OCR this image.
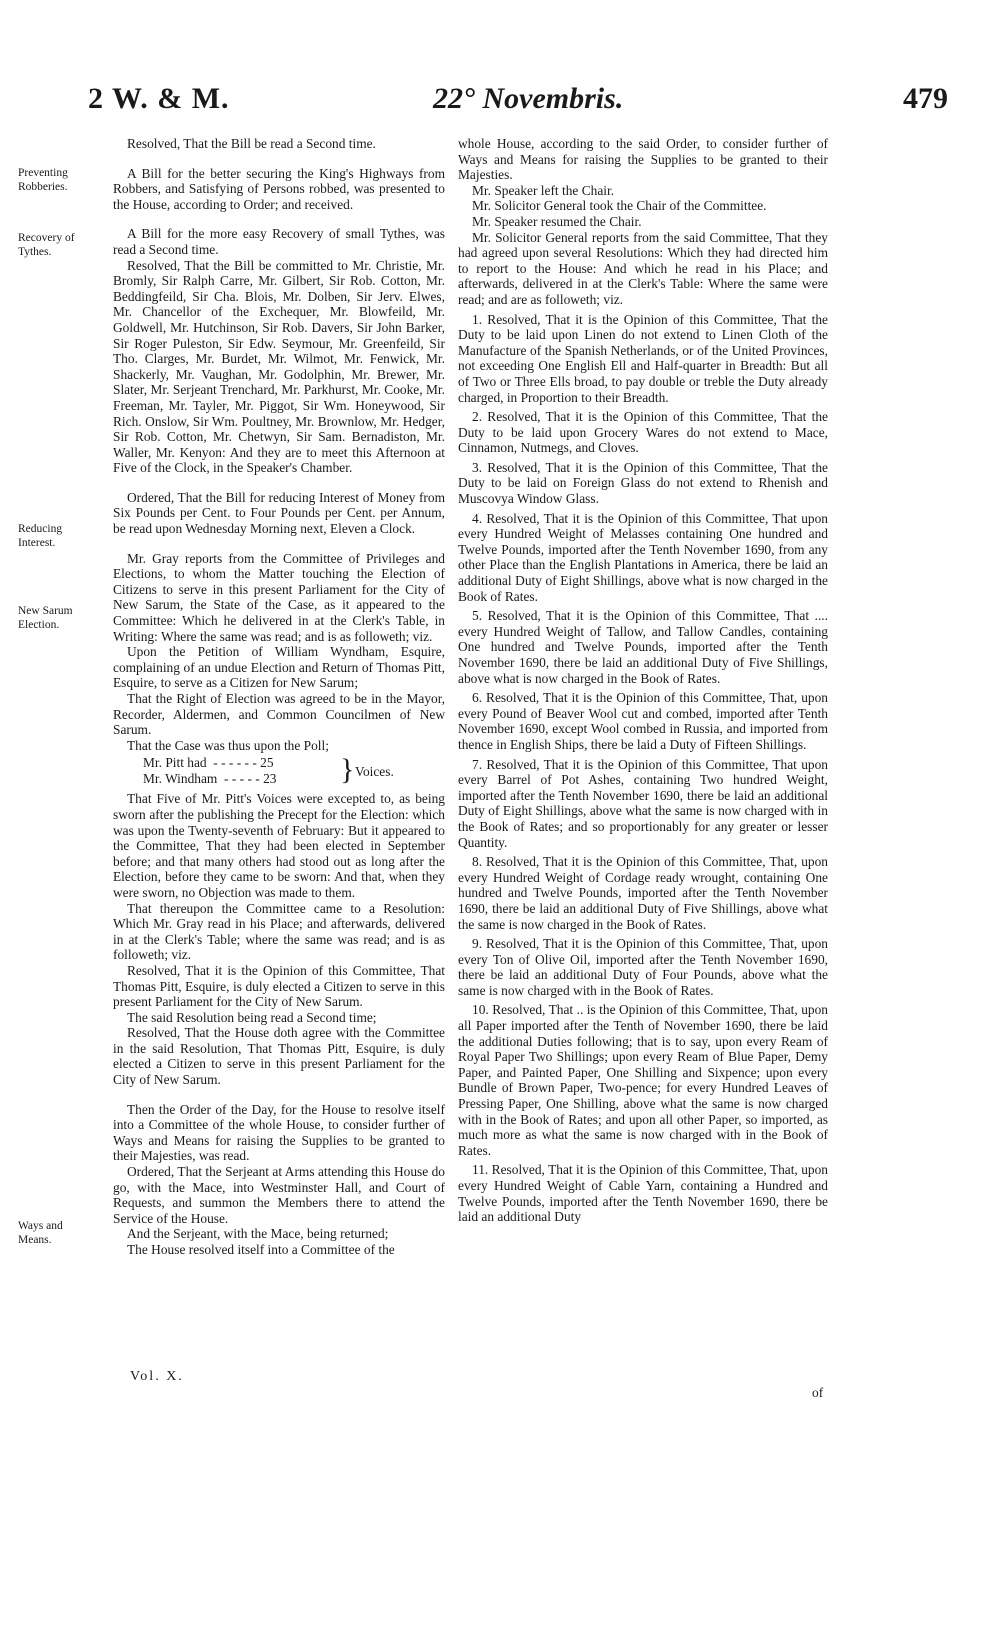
2 W. & M.	22° Novembris.	479
Preventing Robberies.
Recovery of Tythes.
Reducing Interest.
New Sarum Election.
Ways and Means.

Resolved, That the Bill be read a Second time.

A Bill for the better securing the King's Highways from Robbers, and Satisfying of Persons robbed, was presented to the House, according to Order; and received.

A Bill for the more easy Recovery of small Tythes, was read a Second time.

Resolved, That the Bill be committed to Mr. Christie, Mr. Bromly, Sir Ralph Carre, Mr. Gilbert, Sir Rob. Cotton, Mr. Beddingfeild, Sir Cha. Blois, Mr. Dolben, Sir Jerv. Elwes, Mr. Chancellor of the Exchequer, Mr. Blowfeild, Mr. Goldwell, Mr. Hutchinson, Sir Rob. Davers, Sir John Barker, Sir Roger Puleston, Sir Edw. Seymour, Mr. Greenfeild, Sir Tho. Clarges, Mr. Burdet, Mr. Wilmot, Mr. Fenwick, Mr. Shackerly, Mr. Vaughan, Mr. Godolphin, Mr. Brewer, Mr. Slater, Mr. Serjeant Trenchard, Mr. Parkhurst, Mr. Cooke, Mr. Freeman, Mr. Tayler, Mr. Piggot, Sir Wm. Honeywood, Sir Rich. Onslow, Sir Wm. Poultney, Mr. Brownlow, Mr. Hedger, Sir Rob. Cotton, Mr. Chetwyn, Sir Sam. Bernadiston, Mr. Waller, Mr. Kenyon: And they are to meet this Afternoon at Five of the Clock, in the Speaker's Chamber.

Ordered, That the Bill for reducing Interest of Money from Six Pounds per Cent. to Four Pounds per Cent. per Annum, be read upon Wednesday Morning next, Eleven a Clock.

Mr. Gray reports from the Committee of Privileges and Elections, to whom the Matter touching the Election of Citizens to serve in this present Parliament for the City of New Sarum, the State of the Case, as it appeared to the Committee: Which he delivered in at the Clerk's Table, in Writing: Where the same was read; and is as followeth; viz.

Upon the Petition of William Wyndham, Esquire, complaining of an undue Election and Return of Thomas Pitt, Esquire, to serve as a Citizen for New Sarum;

That the Right of Election was agreed to be in the Mayor, Recorder, Aldermen, and Common Councilmen of New Sarum.

That the Case was thus upon the Poll;

Mr. Pitt had  - - - - - - 25
Mr. Windham  - - - - - 23 } Voices.

That Five of Mr. Pitt's Voices were excepted to, as being sworn after the publishing the Precept for the Election: which was upon the Twenty-seventh of February: But it appeared to the Committee, That they had been elected in September before; and that many others had stood out as long after the Election, before they came to be sworn: And that, when they were sworn, no Objection was made to them.

That thereupon the Committee came to a Resolution: Which Mr. Gray read in his Place; and afterwards, delivered in at the Clerk's Table; where the same was read; and is as followeth; viz.

Resolved, That it is the Opinion of this Committee, That Thomas Pitt, Esquire, is duly elected a Citizen to serve in this present Parliament for the City of New Sarum.

The said Resolution being read a Second time;

Resolved, That the House doth agree with the Committee in the said Resolution, That Thomas Pitt, Esquire, is duly elected a Citizen to serve in this present Parliament for the City of New Sarum.

Then the Order of the Day, for the House to resolve itself into a Committee of the whole House, to consider further of Ways and Means for raising the Supplies to be granted to their Majesties, was read.

Ordered, That the Serjeant at Arms attending this House do go, with the Mace, into Westminster Hall, and Court of Requests, and summon the Members there to attend the Service of the House.

And the Serjeant, with the Mace, being returned;

The House resolved itself into a Committee of the

whole House, according to the said Order, to consider further of Ways and Means for raising the Supplies to be granted to their Majesties.

Mr. Speaker left the Chair.

Mr. Solicitor General took the Chair of the Committee.

Mr. Speaker resumed the Chair.

Mr. Solicitor General reports from the said Committee, That they had agreed upon several Resolutions: Which they had directed him to report to the House: And which he read in his Place; and afterwards, delivered in at the Clerk's Table: Where the same were read; and are as followeth; viz.

1. Resolved, That it is the Opinion of this Committee, That the Duty to be laid upon Linen do not extend to Linen Cloth of the Manufacture of the Spanish Netherlands, or of the United Provinces, not exceeding One English Ell and Half-quarter in Breadth: But all of Two or Three Ells broad, to pay double or treble the Duty already charged, in Proportion to their Breadth.

2. Resolved, That it is the Opinion of this Committee, That the Duty to be laid upon Grocery Wares do not extend to Mace, Cinnamon, Nutmegs, and Cloves.

3. Resolved, That it is the Opinion of this Committee, That the Duty to be laid on Foreign Glass do not extend to Rhenish and Muscovya Window Glass.

4. Resolved, That it is the Opinion of this Committee, That upon every Hundred Weight of Melasses containing One hundred and Twelve Pounds, imported after the Tenth November 1690, from any other Place than the English Plantations in America, there be laid an additional Duty of Eight Shillings, above what is now charged in the Book of Rates.

5. Resolved, That it is the Opinion of this Committee, That .... every Hundred Weight of Tallow, and Tallow Candles, containing One hundred and Twelve Pounds, imported after the Tenth November 1690, there be laid an additional Duty of Five Shillings, above what is now charged in the Book of Rates.

6. Resolved, That it is the Opinion of this Committee, That, upon every Pound of Beaver Wool cut and combed, imported after Tenth November 1690, except Wool combed in Russia, and imported from thence in English Ships, there be laid a Duty of Fifteen Shillings.

7. Resolved, That it is the Opinion of this Committee, That upon every Barrel of Pot Ashes, containing Two hundred Weight, imported after the Tenth November 1690, there be laid an additional Duty of Eight Shillings, above what the same is now charged with in the Book of Rates; and so proportionably for any greater or lesser Quantity.

8. Resolved, That it is the Opinion of this Committee, That, upon every Hundred Weight of Cordage ready wrought, containing One hundred and Twelve Pounds, imported after the Tenth November 1690, there be laid an additional Duty of Five Shillings, above what the same is now charged in the Book of Rates.

9. Resolved, That it is the Opinion of this Committee, That, upon every Ton of Olive Oil, imported after the Tenth November 1690, there be laid an additional Duty of Four Pounds, above what the same is now charged with in the Book of Rates.

10. Resolved, That .. is the Opinion of this Committee, That, upon all Paper imported after the Tenth of November 1690, there be laid the additional Duties following; that is to say, upon every Ream of Royal Paper Two Shillings; upon every Ream of Blue Paper, Demy Paper, and Painted Paper, One Shilling and Sixpence; upon every Bundle of Brown Paper, Two-pence; for every Hundred Leaves of Pressing Paper, One Shilling, above what the same is now charged with in the Book of Rates; and upon all other Paper, so imported, as much more as what the same is now charged with in the Book of Rates.

11. Resolved, That it is the Opinion of this Committee, That, upon every Hundred Weight of Cable Yarn, containing a Hundred and Twelve Pounds, imported after the Tenth November 1690, there be laid an additional Duty

Vol. X.
of
